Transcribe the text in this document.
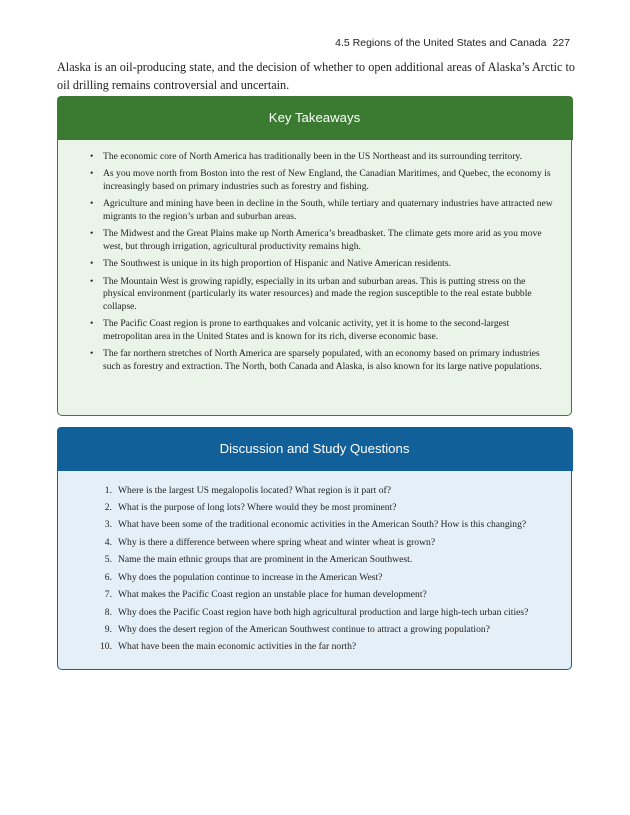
4.5 Regions of the United States and Canada 227

Alaska is an oil-producing state, and the decision of whether to open additional areas of Alaska’s Arctic to oil drilling remains controversial and uncertain.

Key Takeaways
• The economic core of North America has traditionally been in the US Northeast and its surrounding territory.
• As you move north from Boston into the rest of New England, the Canadian Maritimes, and Quebec, the economy is increasingly based on primary industries such as forestry and fishing.
• Agriculture and mining have been in decline in the South, while tertiary and quaternary industries have attracted new migrants to the region’s urban and suburban areas.
• The Midwest and the Great Plains make up North America’s breadbasket. The climate gets more arid as you move west, but through irrigation, agricultural productivity remains high.
• The Southwest is unique in its high proportion of Hispanic and Native American residents.
• The Mountain West is growing rapidly, especially in its urban and suburban areas. This is putting stress on the physical environment (particularly its water resources) and made the region susceptible to the real estate bubble collapse.
• The Pacific Coast region is prone to earthquakes and volcanic activity, yet it is home to the second-largest metropolitan area in the United States and is known for its rich, diverse economic base.
• The far northern stretches of North America are sparsely populated, with an economy based on primary industries such as forestry and extraction. The North, both Canada and Alaska, is also known for its large native populations.
Discussion and Study Questions
1. Where is the largest US megalopolis located? What region is it part of?
2. What is the purpose of long lots? Where would they be most prominent?
3. What have been some of the traditional economic activities in the American South? How is this changing?
4. Why is there a difference between where spring wheat and winter wheat is grown?
5. Name the main ethnic groups that are prominent in the American Southwest.
6. Why does the population continue to increase in the American West?
7. What makes the Pacific Coast region an unstable place for human development?
8. Why does the Pacific Coast region have both high agricultural production and large high-tech urban cities?
9. Why does the desert region of the American Southwest continue to attract a growing population?
10. What have been the main economic activities in the far north?
